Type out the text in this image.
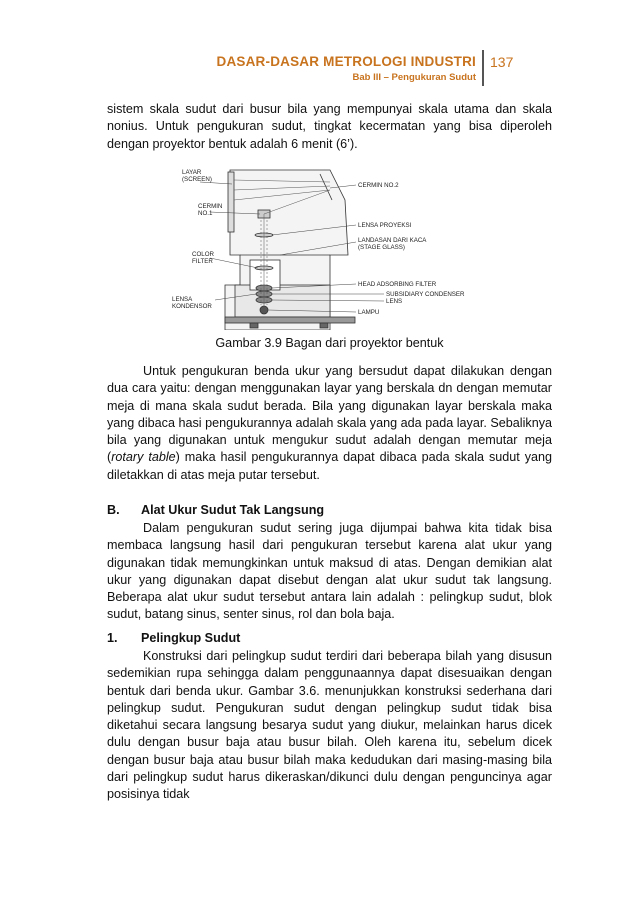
DASAR-DASAR METROLOGI INDUSTRI
Bab III – Pengukuran Sudut
137

sistem skala sudut dari busur bila yang mempunyai skala utama dan skala nonius. Untuk pengukuran sudut, tingkat kecermatan yang bisa diperoleh dengan proyektor bentuk adalah 6 menit (6’).

LAYAR
(SCREEN)
CERMIN
NO.1
COLOR
FILTER
LENSA
KONDENSOR
CERMIN NO.2
LENSA PROYEKSI
LANDASAN DARI KACA
(STAGE GLASS)
HEAD ADSORBING FILTER
SUBSIDIARY CONDENSER
LENS
LAMPU
Gambar 3.9 Bagan dari proyektor bentuk

Untuk pengukuran benda ukur yang bersudut dapat dilakukan dengan dua cara yaitu: dengan menggunakan layar yang berskala dn dengan memutar meja di mana skala sudut berada. Bila yang digunakan layar berskala maka yang dibaca hasi pengukurannya adalah skala yang ada pada layar. Sebaliknya bila yang digunakan untuk mengukur sudut adalah dengan memutar meja (rotary table) maka hasil pengukurannya dapat dibaca pada skala sudut yang diletakkan di atas meja putar tersebut.

B. Alat Ukur Sudut Tak Langsung

Dalam pengukuran sudut sering juga dijumpai bahwa kita tidak bisa membaca langsung hasil dari pengukuran tersebut karena alat ukur yang digunakan tidak memungkinkan untuk maksud di atas. Dengan demikian alat ukur yang digunakan dapat disebut dengan alat ukur sudut tak langsung. Beberapa alat ukur sudut tersebut antara lain adalah : pelingkup sudut, blok sudut, batang sinus, senter sinus, rol dan bola baja.

1. Pelingkup Sudut

Konstruksi dari pelingkup sudut terdiri dari beberapa bilah yang disusun sedemikian rupa sehingga dalam penggunaannya dapat disesuaikan dengan bentuk dari benda ukur. Gambar 3.6. menunjukkan konstruksi sederhana dari pelingkup sudut. Pengukuran sudut dengan pelingkup sudut tidak bisa diketahui secara langsung besarya sudut yang diukur, melainkan harus dicek dulu dengan busur baja atau busur bilah. Oleh karena itu, sebelum dicek dengan busur baja atau busur bilah maka kedudukan dari masing-masing bila dari pelingkup sudut harus dikeraskan/dikunci dulu dengan penguncinya agar posisinya tidak
